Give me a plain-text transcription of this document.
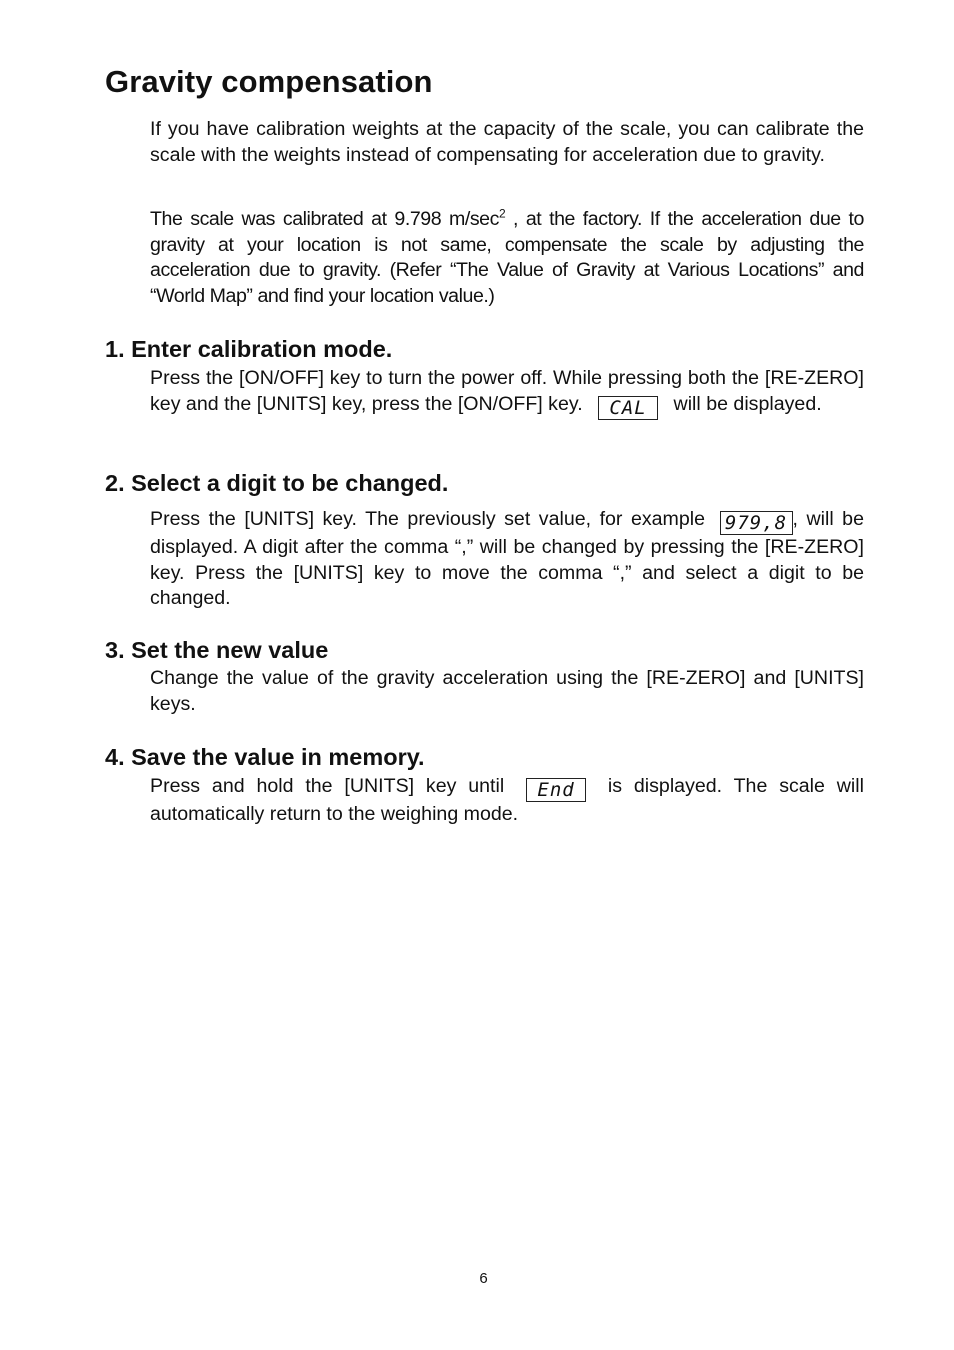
Gravity compensation

If you have calibration weights at the capacity of the scale, you can calibrate the scale with the weights instead of compensating for acceleration due to gravity.

The scale was calibrated at 9.798 $m/\sec^2$ , at the factory. If the acceleration due to gravity at your location is not same, compensate the scale by adjusting the acceleration due to gravity. (Refer “The Value of Gravity at Various Locations” and “World Map” and find your location value.)

1. Enter calibration mode.

Press the [ON/OFF] key to turn the power off. While pressing both the [RE-ZERO] key and the [UNITS] key, press the [ON/OFF] key. CAL will be displayed.

2. Select a digit to be changed.

Press the [UNITS] key. The previously set value, for example 979,8 , will be displayed. A digit after the comma “,” will be changed by pressing the [RE-ZERO] key. Press the [UNITS] key to move the comma “,” and select a digit to be changed.

3. Set the new value

Change the value of the gravity acceleration using the [RE-ZERO] and [UNITS] keys.

4. Save the value in memory.

Press and hold the [UNITS] key until End is displayed. The scale will automatically return to the weighing mode.

6
